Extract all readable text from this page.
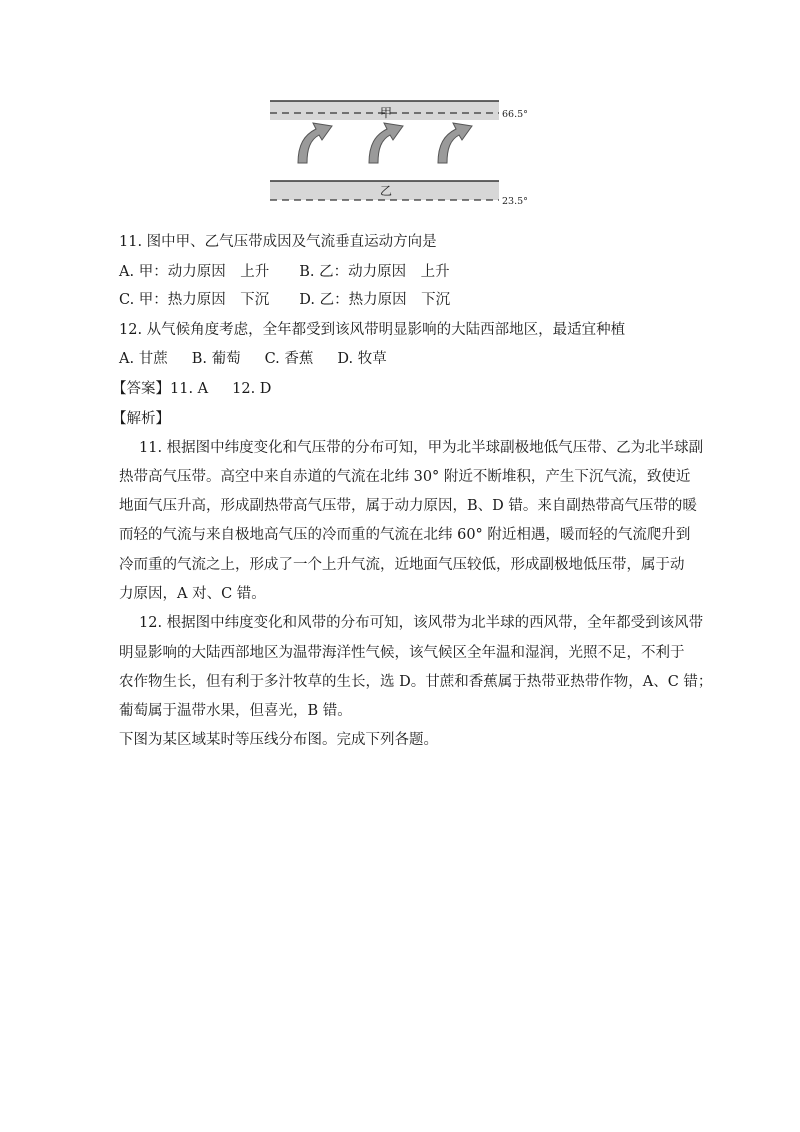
甲	66.5°
乙
23.5°
11. 图中甲、乙气压带成因及气流垂直运动方向是
A. 甲：动力原因　上升 B. 乙：动力原因　上升
C. 甲：热力原因　下沉 D. 乙：热力原因　下沉
12. 从气候角度考虑，全年都受到该风带明显影响的大陆西部地区，最适宜种植
A. 甘蔗 B. 葡萄 C. 香蕉 D. 牧草
【答案】11. A 12. D
【解析】
11. 根据图中纬度变化和气压带的分布可知，甲为北半球副极地低气压带、乙为北半球副
热带高气压带。高空中来自赤道的气流在北纬 30° 附近不断堆积，产生下沉气流，致使近
地面气压升高，形成副热带高气压带，属于动力原因，B、D 错。来自副热带高气压带的暖
而轻的气流与来自极地高气压的冷而重的气流在北纬 60° 附近相遇，暖而轻的气流爬升到
冷而重的气流之上，形成了一个上升气流，近地面气压较低，形成副极地低压带，属于动
力原因，A 对、C 错。
12. 根据图中纬度变化和风带的分布可知，该风带为北半球的西风带，全年都受到该风带
明显影响的大陆西部地区为温带海洋性气候，该气候区全年温和湿润，光照不足，不利于
农作物生长，但有利于多汁牧草的生长，选 D。甘蔗和香蕉属于热带亚热带作物，A、C 错；
葡萄属于温带水果，但喜光，B 错。
下图为某区域某时等压线分布图。完成下列各题。
